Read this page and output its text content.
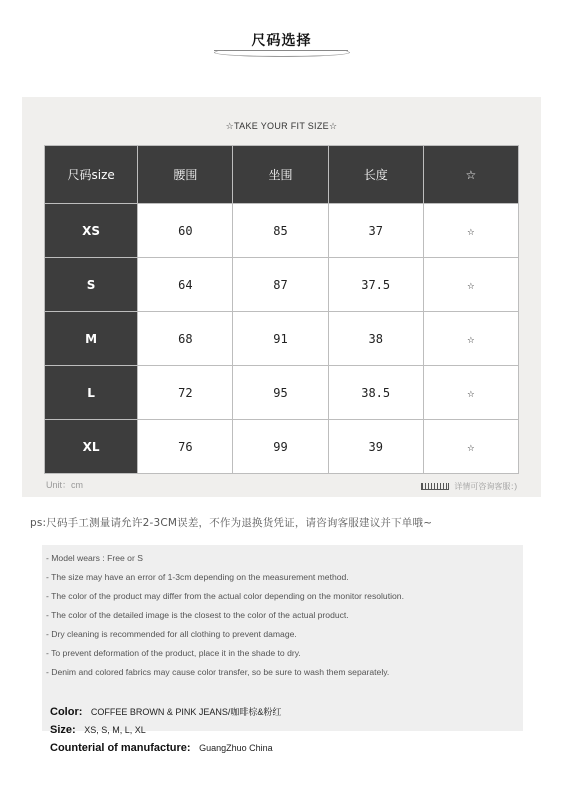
尺码选择
☆TAKE YOUR FIT SIZE☆
尺码size	腰围	坐围	长度	☆
XS	60	85	37	☆
S	64	87	37.5	☆
M	68	91	38	☆
L	72	95	38.5	☆
XL	76	99	39	☆
Unit：cm	详情可咨询客服：)
ps:尺码手工测量请允许2-3CM误差，不作为退换货凭证，请咨询客服建议并下单哦~
- Model wears : Free or S
- The size may have an error of 1-3cm depending on the measurement method.
- The color of the product may differ from the actual color depending on the monitor resolution.
- The color of the detailed image is the closest to the color of the actual product.
- Dry cleaning is recommended for all clothing to prevent damage.
- To prevent deformation of the product, place it in the shade to dry.
- Denim and colored fabrics may cause color transfer, so be sure to wash them separately.
Color: COFFEE BROWN & PINK JEANS/咖啡棕&粉红
Size: XS, S, M, L, XL
Counterial of manufacture: GuangZhuo China
